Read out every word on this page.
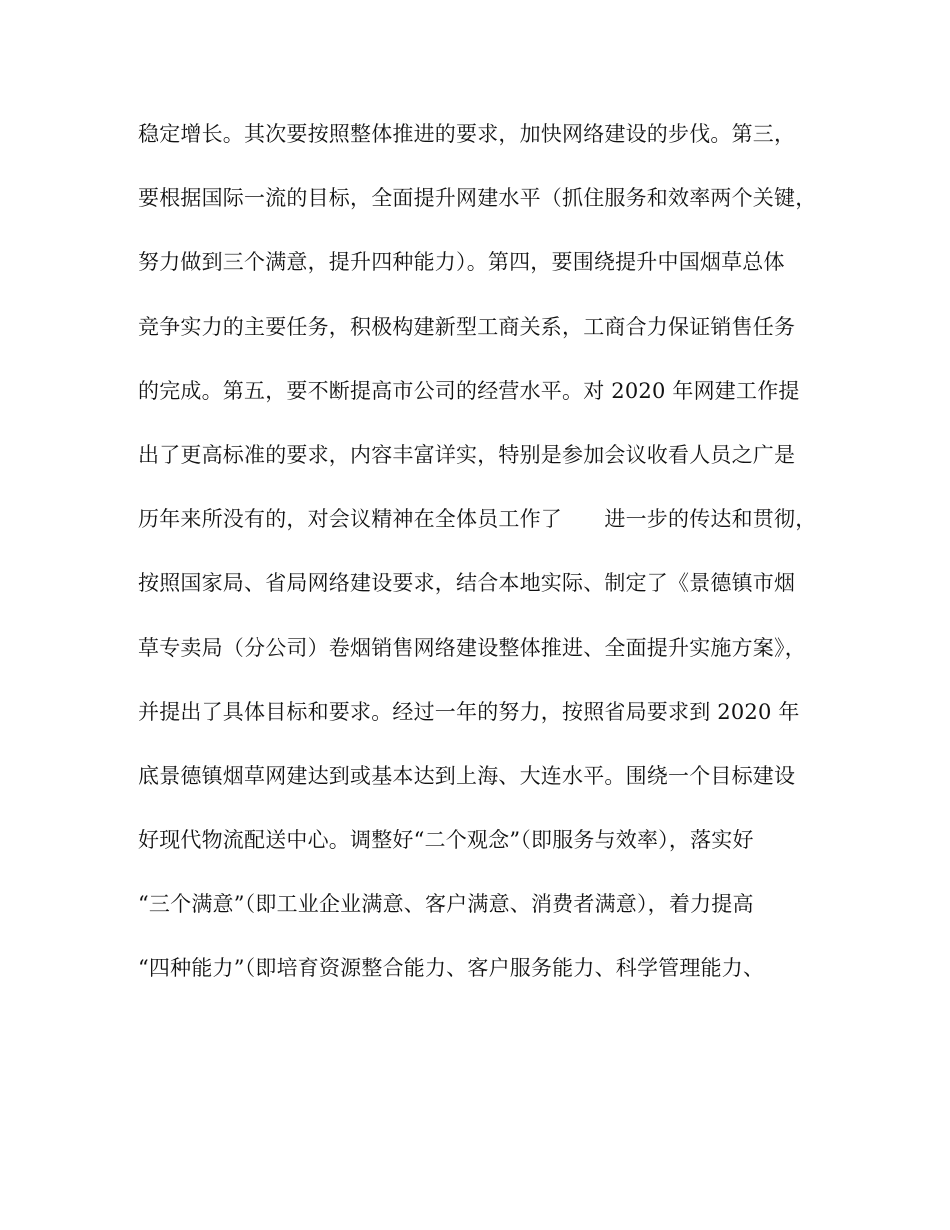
稳定增长。其次要按照整体推进的要求，加快网络建设的步伐。第三，
要根据国际一流的目标，全面提升网建水平（抓住服务和效率两个关键，
努力做到三个满意，提升四种能力）。第四，要围绕提升中国烟草总体
竞争实力的主要任务，积极构建新型工商关系，工商合力保证销售任务
的完成。第五，要不断提高市公司的经营水平。对 2020 年网建工作提
出了更高标准的要求，内容丰富详实，特别是参加会议收看人员之广是
历年来所没有的，对会议精神在全体员工作了　　进一步的传达和贯彻，
按照国家局、省局网络建设要求，结合本地实际、制定了《景德镇市烟
草专卖局（分公司）卷烟销售网络建设整体推进、全面提升实施方案》，
并提出了具体目标和要求。经过一年的努力，按照省局要求到 2020 年
底景德镇烟草网建达到或基本达到上海、大连水平。围绕一个目标建设
好现代物流配送中心。调整好“二个观念”（即服务与效率），落实好
“三个满意”（即工业企业满意、客户满意、消费者满意），着力提高
“四种能力”（即培育资源整合能力、客户服务能力、科学管理能力、
